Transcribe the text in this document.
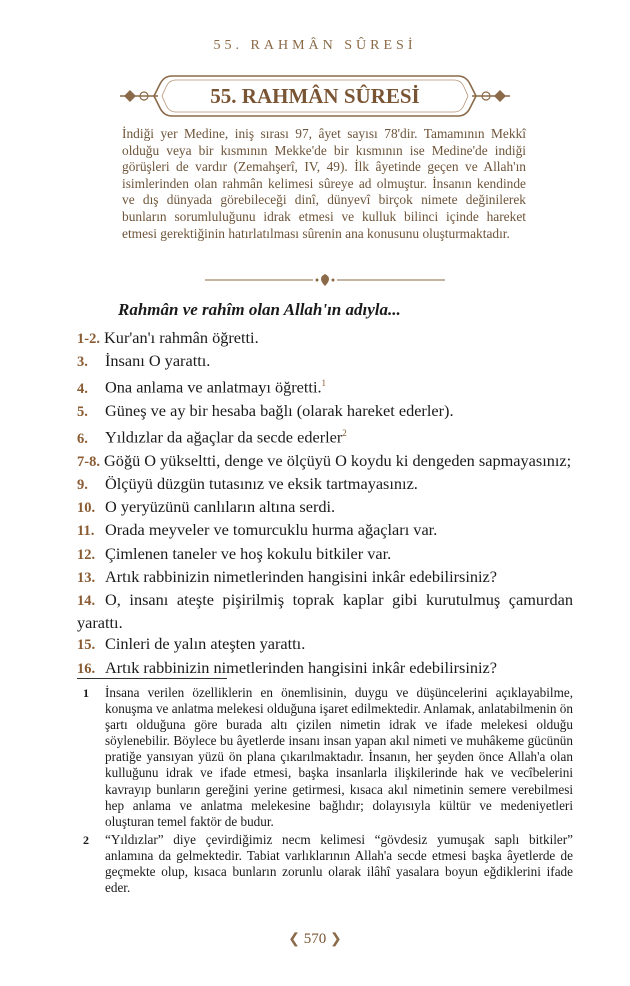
55. RAHMÂN SÛRESİ
55. RAHMÂN SÛRESİ

İndiği yer Medine, iniş sırası 97, âyet sayısı 78'dir. Tamamının Mekkî olduğu veya bir kısmının Mekke'de bir kısmının ise Medine'de indiği görüşleri de vardır (Zemahşerî, IV, 49). İlk âyetinde geçen ve Allah'ın isimlerinden olan rahmân kelimesi sûreye ad olmuştur. İnsanın kendinde ve dış dünyada görebileceği dinî, dünyevî birçok nimete değinilerek bunların sorumluluğunu idrak etmesi ve kulluk bilinci içinde hareket etmesi gerektiğinin hatırlatılması sûrenin ana konusunu oluşturmaktadır.

Rahmân ve rahîm olan Allah'ın adıyla...
1-2. Kur'an'ı rahmân öğretti.
3. İnsanı O yarattı.
4. Ona anlama ve anlatmayı öğretti.$^1$
5. Güneş ve ay bir hesaba bağlı (olarak hareket ederler).
6. Yıldızlar da ağaçlar da secde ederler$^2$
7-8. Göğü O yükseltti, denge ve ölçüyü O koydu ki dengeden sapmayasınız;
9. Ölçüyü düzgün tutasınız ve eksik tartmayasınız.
10. O yeryüzünü canlıların altına serdi.
11. Orada meyveler ve tomurcuklu hurma ağaçları var.
12. Çimlenen taneler ve hoş kokulu bitkiler var.
13. Artık rabbinizin nimetlerinden hangisini inkâr edebilirsiniz?
14. O, insanı ateşte pişirilmiş toprak kaplar gibi kurutulmuş çamurdan yarattı.
15. Cinleri de yalın ateşten yarattı.
16. Artık rabbinizin nimetlerinden hangisini inkâr edebilirsiniz?
1 İnsana verilen özelliklerin en önemlisinin, duygu ve düşüncelerini açıklayabilme, konuşma ve anlatma melekesi olduğuna işaret edilmektedir. Anlamak, anlatabilmenin ön şartı olduğuna göre burada altı çizilen nimetin idrak ve ifade melekesi olduğu söylenebilir. Böylece bu âyetlerde insanı insan yapan akıl nimeti ve muhâkeme gücünün pratiğe yansıyan yüzü ön plana çıkarılmaktadır. İnsanın, her şeyden önce Allah'a olan kulluğunu idrak ve ifade etmesi, başka insanlarla ilişkilerinde hak ve vecîbelerini kavrayıp bunların gereğini yerine getirmesi, kısaca akıl nimetinin semere verebilmesi hep anlama ve anlatma melekesine bağlıdır; dolayısıyla kültür ve medeniyetleri oluşturan temel faktör de budur.
2 “Yıldızlar” diye çevirdiğimiz necm kelimesi “gövdesiz yumuşak saplı bitkiler” anlamına da gelmektedir. Tabiat varlıklarının Allah'a secde etmesi başka âyetlerde de geçmekte olup, kısaca bunların zorunlu olarak ilâhî yasalara boyun eğdiklerini ifade eder.
❮ 570 ❯
